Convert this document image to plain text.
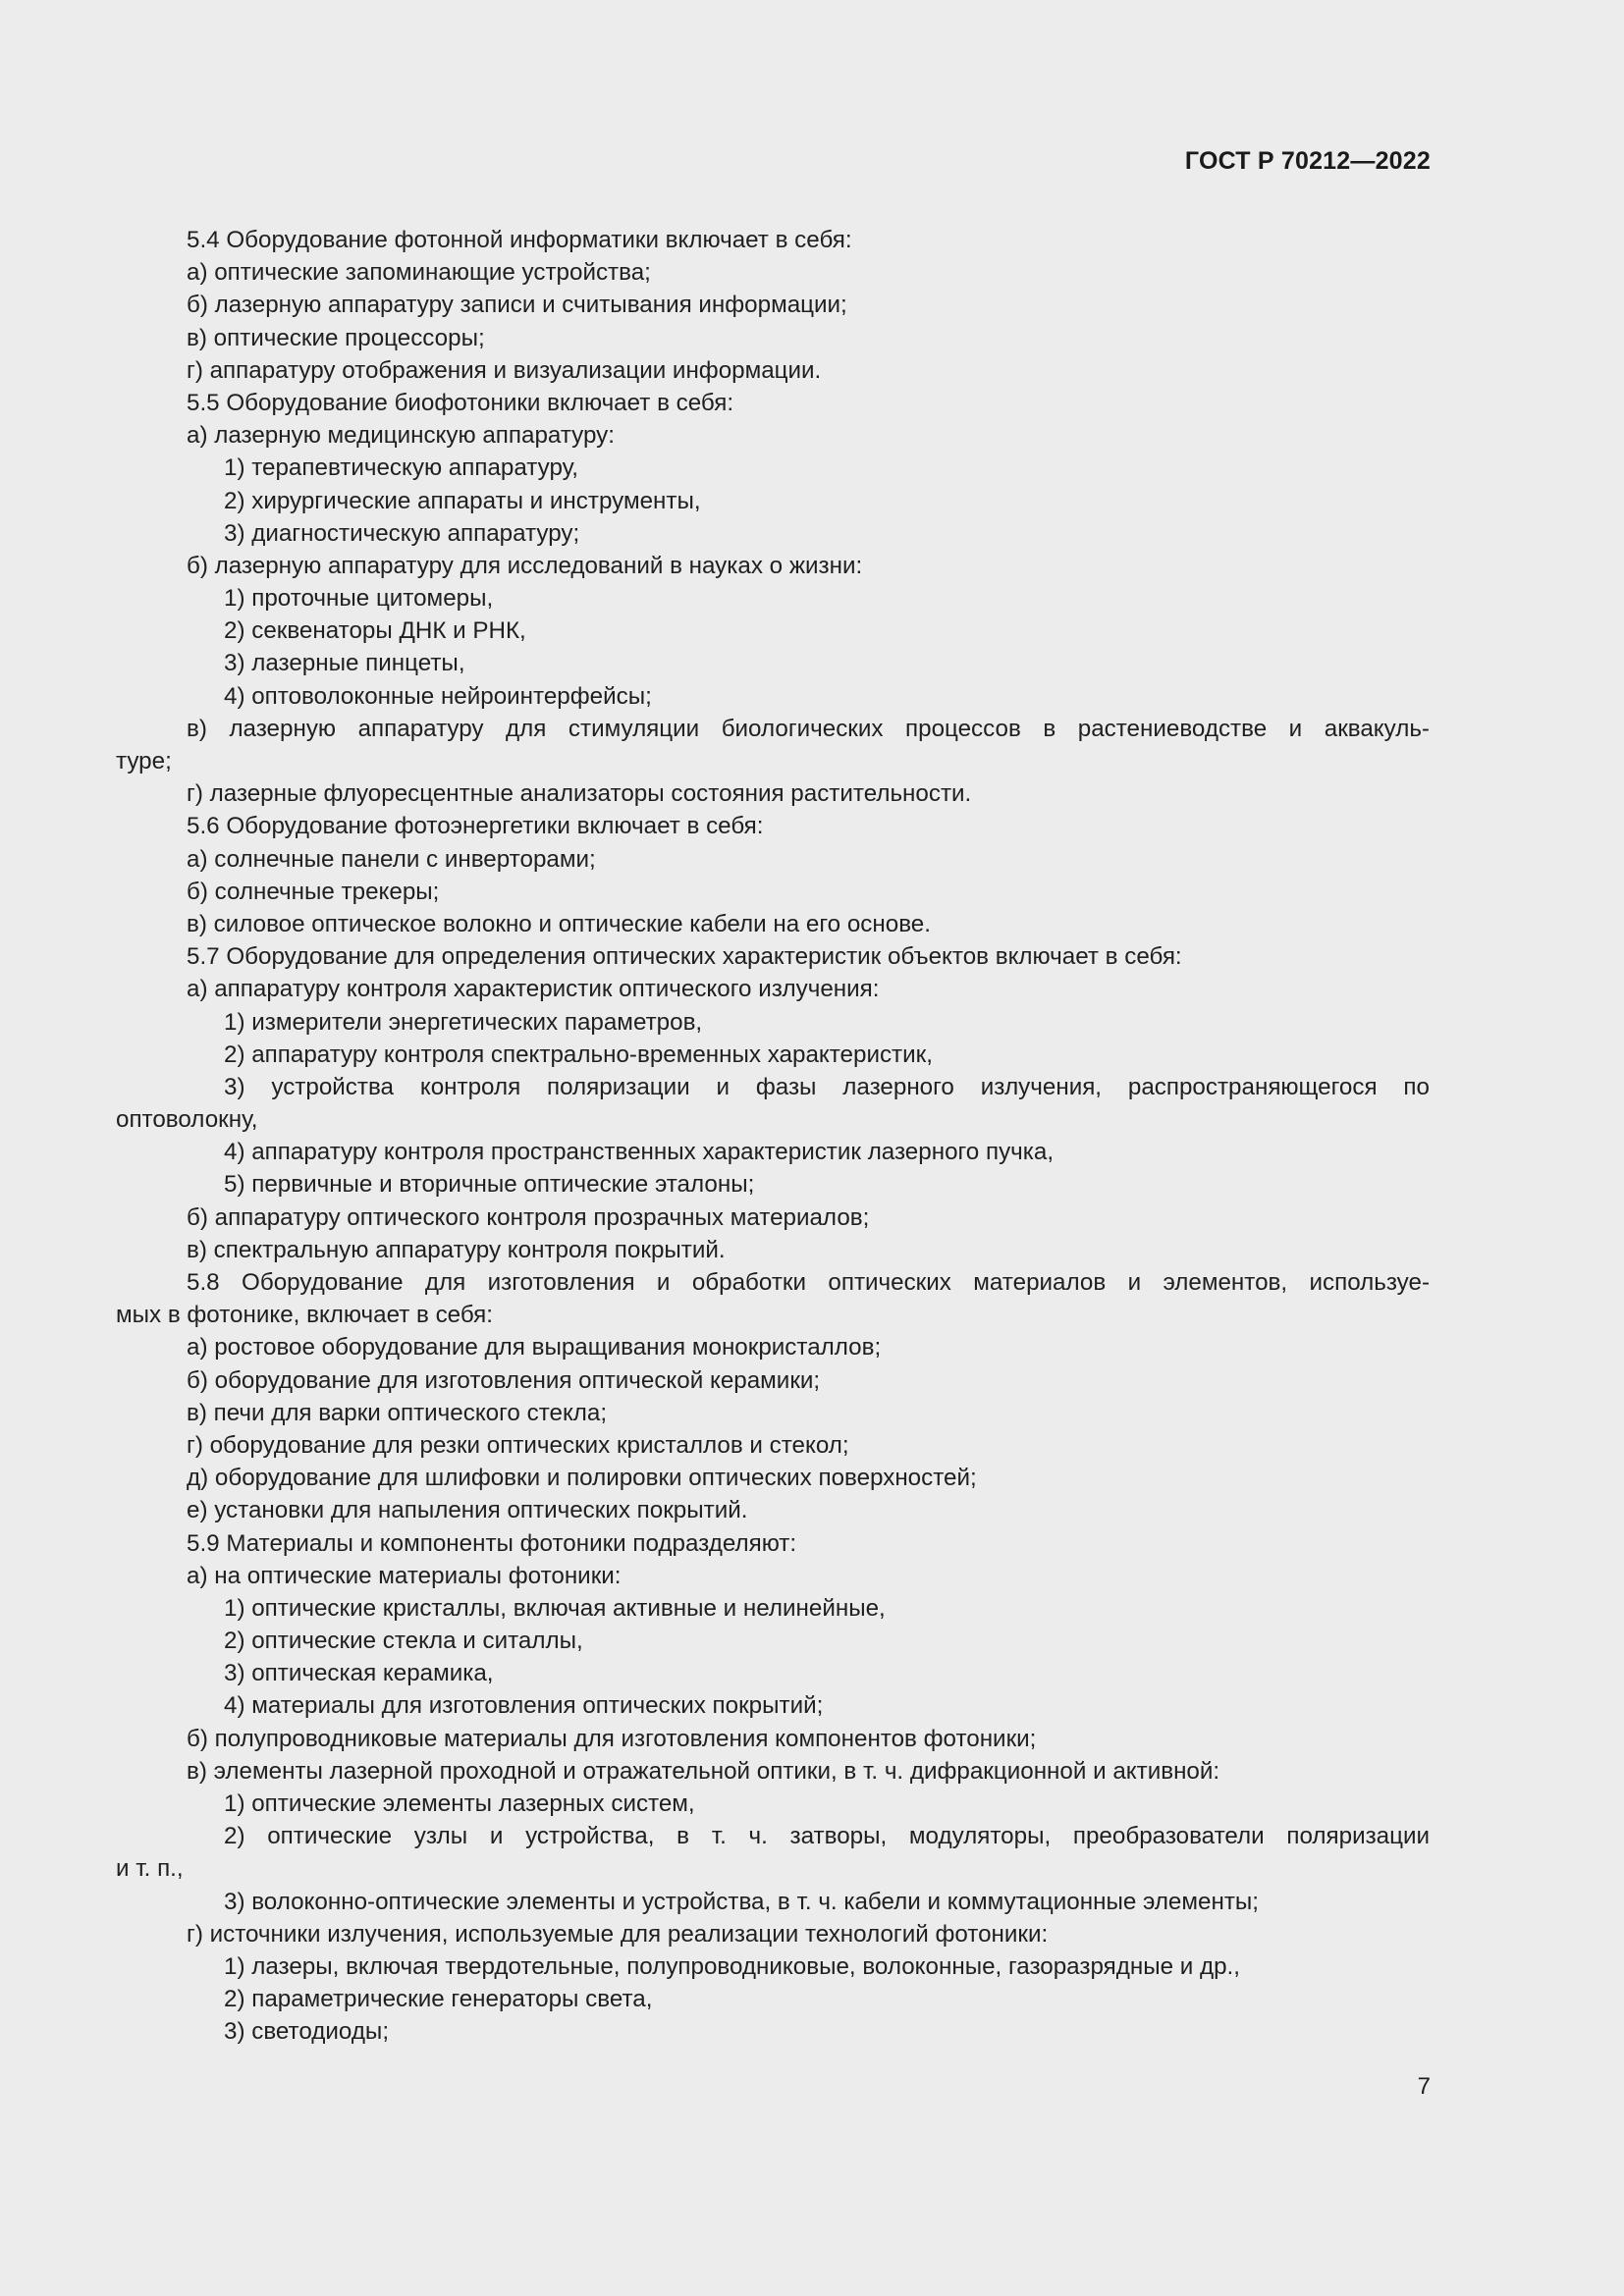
ГОСТ Р 70212—2022
5.4 Оборудование фотонной информатики включает в себя:
а) оптические запоминающие устройства;
б) лазерную аппаратуру записи и считывания информации;
в) оптические процессоры;
г) аппаратуру отображения и визуализации информации.
5.5 Оборудование биофотоники включает в себя:
а) лазерную медицинскую аппаратуру:
1) терапевтическую аппаратуру,
2) хирургические аппараты и инструменты,
3) диагностическую аппаратуру;
б) лазерную аппаратуру для исследований в науках о жизни:
1) проточные цитомеры,
2) секвенаторы ДНК и РНК,
3) лазерные пинцеты,
4) оптоволоконные нейроинтерфейсы;
в) лазерную аппаратуру для стимуляции биологических процессов в растениеводстве и аквакуль-
туре;
г) лазерные флуоресцентные анализаторы состояния растительности.
5.6 Оборудование фотоэнергетики включает в себя:
а) солнечные панели с инверторами;
б) солнечные трекеры;
в) силовое оптическое волокно и оптические кабели на его основе.
5.7 Оборудование для определения оптических характеристик объектов включает в себя:
а) аппаратуру контроля характеристик оптического излучения:
1) измерители энергетических параметров,
2) аппаратуру контроля спектрально-временных характеристик,
3) устройства контроля поляризации и фазы лазерного излучения, распространяющегося по
оптоволокну,
4) аппаратуру контроля пространственных характеристик лазерного пучка,
5) первичные и вторичные оптические эталоны;
б) аппаратуру оптического контроля прозрачных материалов;
в) спектральную аппаратуру контроля покрытий.
5.8 Оборудование для изготовления и обработки оптических материалов и элементов, используе-
мых в фотонике, включает в себя:
а) ростовое оборудование для выращивания монокристаллов;
б) оборудование для изготовления оптической керамики;
в) печи для варки оптического стекла;
г) оборудование для резки оптических кристаллов и стекол;
д) оборудование для шлифовки и полировки оптических поверхностей;
е) установки для напыления оптических покрытий.
5.9 Материалы и компоненты фотоники подразделяют:
а) на оптические материалы фотоники:
1) оптические кристаллы, включая активные и нелинейные,
2) оптические стекла и ситаллы,
3) оптическая керамика,
4) материалы для изготовления оптических покрытий;
б) полупроводниковые материалы для изготовления компонентов фотоники;
в) элементы лазерной проходной и отражательной оптики, в т. ч. дифракционной и активной:
1) оптические элементы лазерных систем,
2) оптические узлы и устройства, в т. ч. затворы, модуляторы, преобразователи поляризации
и т. п.,
3) волоконно-оптические элементы и устройства, в т. ч. кабели и коммутационные элементы;
г) источники излучения, используемые для реализации технологий фотоники:
1) лазеры, включая твердотельные, полупроводниковые, волоконные, газоразрядные и др.,
2) параметрические генераторы света,
3) светодиоды;
7
